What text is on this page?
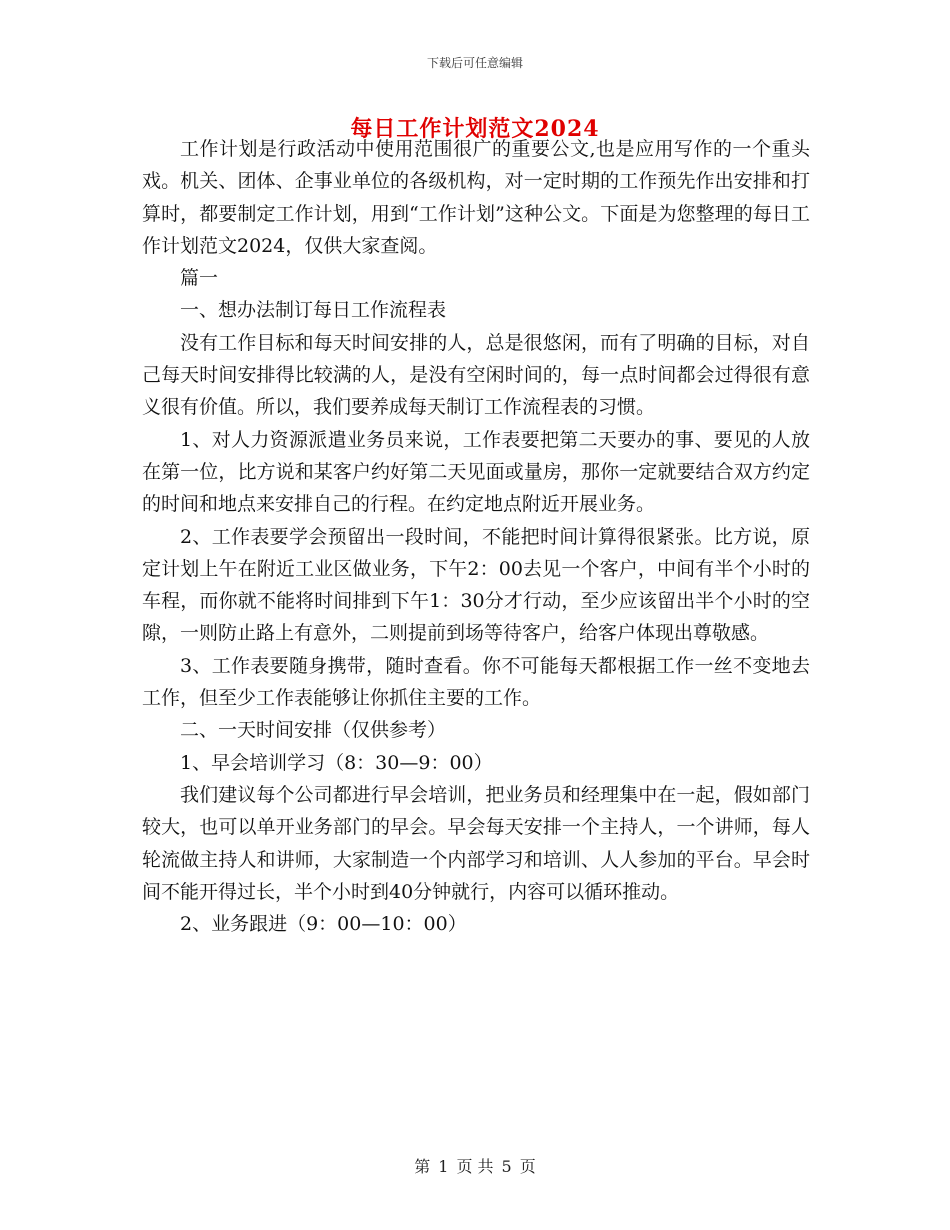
下载后可任意编辑
每日工作计划范文2024

工作计划是行政活动中使用范围很广的重要公文,也是应用写作的一个重头戏。机关、团体、企事业单位的各级机构，对一定时期的工作预先作出安排和打算时，都要制定工作计划，用到“工作计划”这种公文。下面是为您整理的每日工作计划范文2024，仅供大家查阅。

篇一

一、想办法制订每日工作流程表

没有工作目标和每天时间安排的人，总是很悠闲，而有了明确的目标，对自己每天时间安排得比较满的人，是没有空闲时间的，每一点时间都会过得很有意义很有价值。所以，我们要养成每天制订工作流程表的习惯。

1、对人力资源派遣业务员来说，工作表要把第二天要办的事、要见的人放在第一位，比方说和某客户约好第二天见面或量房，那你一定就要结合双方约定的时间和地点来安排自己的行程。在约定地点附近开展业务。

2、工作表要学会预留出一段时间，不能把时间计算得很紧张。比方说，原定计划上午在附近工业区做业务，下午2：00去见一个客户，中间有半个小时的车程，而你就不能将时间排到下午1：30分才行动，至少应该留出半个小时的空隙，一则防止路上有意外，二则提前到场等待客户，给客户体现出尊敬感。

3、工作表要随身携带，随时查看。你不可能每天都根据工作一丝不变地去工作，但至少工作表能够让你抓住主要的工作。

二、一天时间安排（仅供参考）

1、早会培训学习（8：30—9：00）

我们建议每个公司都进行早会培训，把业务员和经理集中在一起，假如部门较大，也可以单开业务部门的早会。早会每天安排一个主持人，一个讲师，每人轮流做主持人和讲师，大家制造一个内部学习和培训、人人参加的平台。早会时间不能开得过长，半个小时到40分钟就行，内容可以循环推动。

2、业务跟进（9：00—10：00）

第 1 页 共 5 页
